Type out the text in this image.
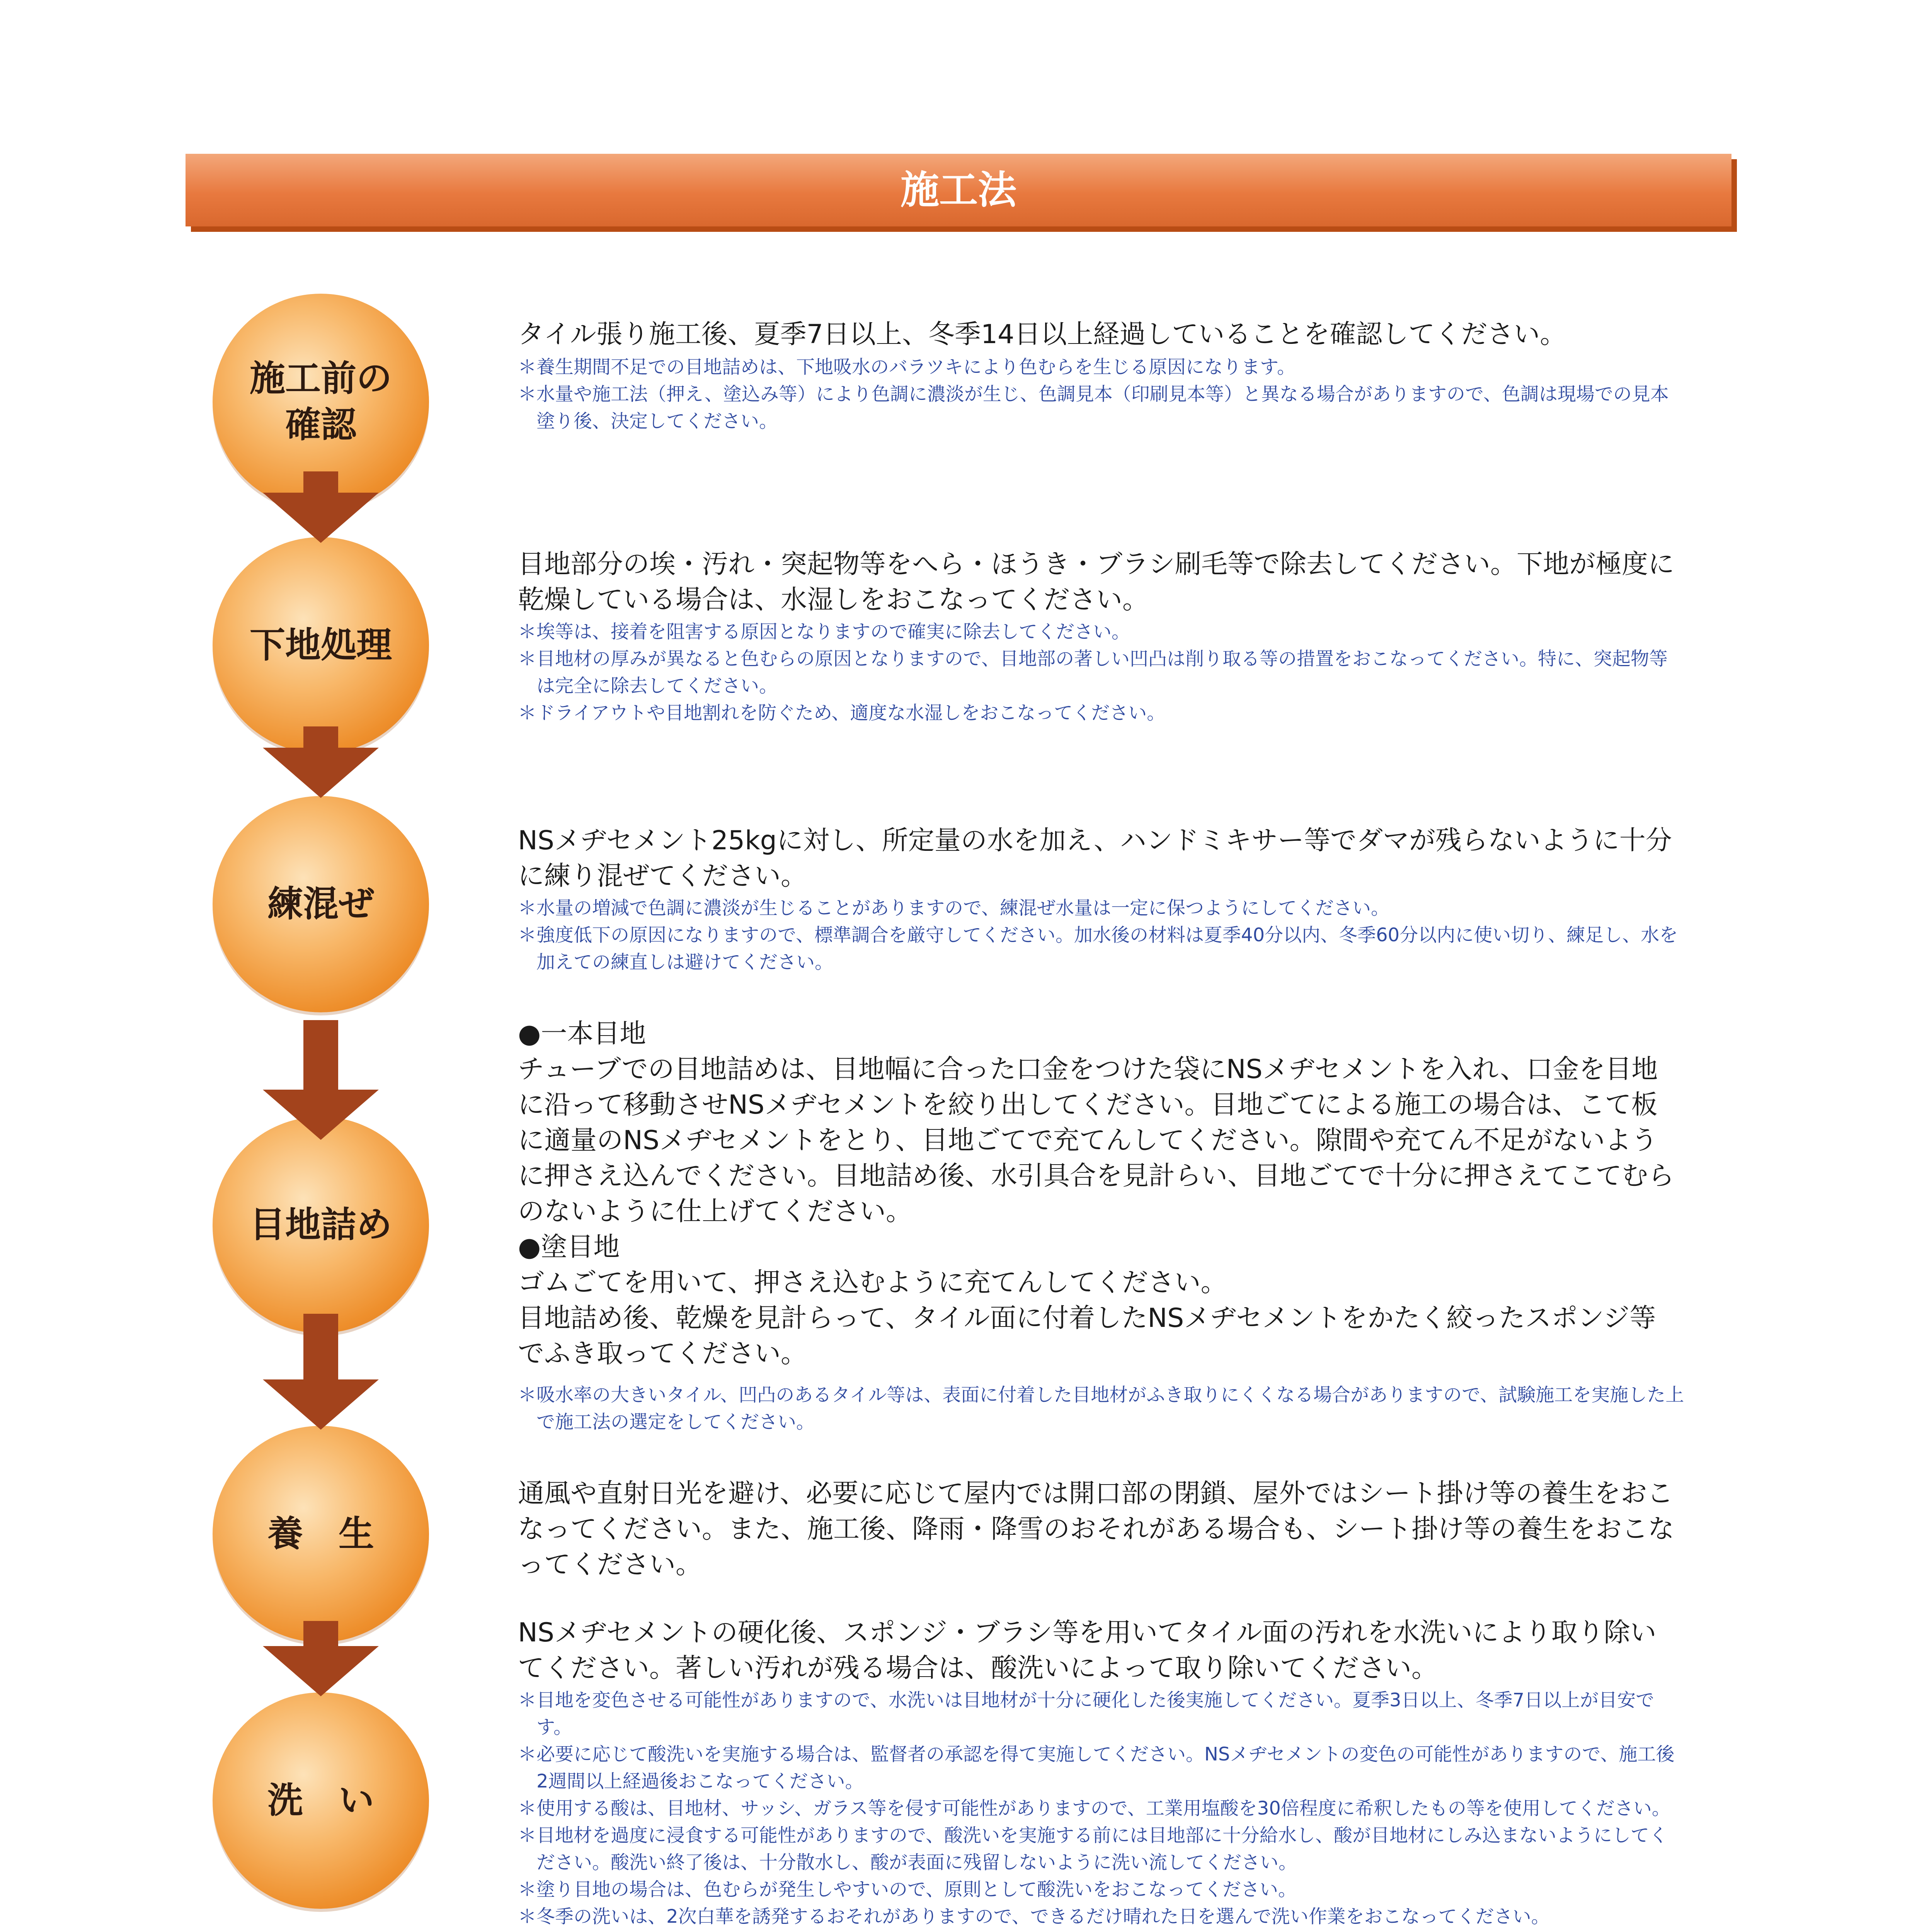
施工法
施工前の
確認
下地処理
練混ぜ
目地詰め
養　生
洗　い
タイル張り施工後、夏季7日以上、冬季14日以上経過していることを確認してください。
＊養生期間不足での目地詰めは、下地吸水のバラツキにより色むらを生じる原因になります。
＊水量や施工法（押え、塗込み等）により色調に濃淡が生じ、色調見本（印刷見本等）と異なる場合がありますので、色調は現場での見本塗り後、決定してください。
目地部分の埃・汚れ・突起物等をへら・ほうき・ブラシ刷毛等で除去してください。下地が極度に乾燥している場合は、水湿しをおこなってください。
＊埃等は、接着を阻害する原因となりますので確実に除去してください。
＊目地材の厚みが異なると色むらの原因となりますので、目地部の著しい凹凸は削り取る等の措置をおこなってください。特に、突起物等は完全に除去してください。
＊ドライアウトや目地割れを防ぐため、適度な水湿しをおこなってください。
NSメヂセメント25kgに対し、所定量の水を加え、ハンドミキサー等でダマが残らないように十分に練り混ぜてください。
＊水量の増減で色調に濃淡が生じることがありますので、練混ぜ水量は一定に保つようにしてください。
＊強度低下の原因になりますので、標準調合を厳守してください。加水後の材料は夏季40分以内、冬季60分以内に使い切り、練足し、水を加えての練直しは避けてください。
●一本目地
チューブでの目地詰めは、目地幅に合った口金をつけた袋にNSメヂセメントを入れ、口金を目地に沿って移動させNSメヂセメントを絞り出してください。目地ごてによる施工の場合は、こて板に適量のNSメヂセメントをとり、目地ごてで充てんしてください。隙間や充てん不足がないように押さえ込んでください。目地詰め後、水引具合を見計らい、目地ごてで十分に押さえてこてむらのないように仕上げてください。
●塗目地
ゴムごてを用いて、押さえ込むように充てんしてください。
目地詰め後、乾燥を見計らって、タイル面に付着したNSメヂセメントをかたく絞ったスポンジ等でふき取ってください。
＊吸水率の大きいタイル、凹凸のあるタイル等は、表面に付着した目地材がふき取りにくくなる場合がありますので、試験施工を実施した上で施工法の選定をしてください。
通風や直射日光を避け、必要に応じて屋内では開口部の閉鎖、屋外ではシート掛け等の養生をおこなってください。また、施工後、降雨・降雪のおそれがある場合も、シート掛け等の養生をおこなってください。
NSメヂセメントの硬化後、スポンジ・ブラシ等を用いてタイル面の汚れを水洗いにより取り除いてください。著しい汚れが残る場合は、酸洗いによって取り除いてください。
＊目地を変色させる可能性がありますので、水洗いは目地材が十分に硬化した後実施してください。夏季3日以上、冬季7日以上が目安です。
＊必要に応じて酸洗いを実施する場合は、監督者の承認を得て実施してください。NSメヂセメントの変色の可能性がありますので、施工後2週間以上経過後おこなってください。
＊使用する酸は、目地材、サッシ、ガラス等を侵す可能性がありますので、工業用塩酸を30倍程度に希釈したもの等を使用してください。
＊目地材を過度に浸食する可能性がありますので、酸洗いを実施する前には目地部に十分給水し、酸が目地材にしみ込まないようにしてください。酸洗い終了後は、十分散水し、酸が表面に残留しないように洗い流してください。
＊塗り目地の場合は、色むらが発生しやすいので、原則として酸洗いをおこなってください。
＊冬季の洗いは、2次白華を誘発するおそれがありますので、できるだけ晴れた日を選んで洗い作業をおこなってください。
